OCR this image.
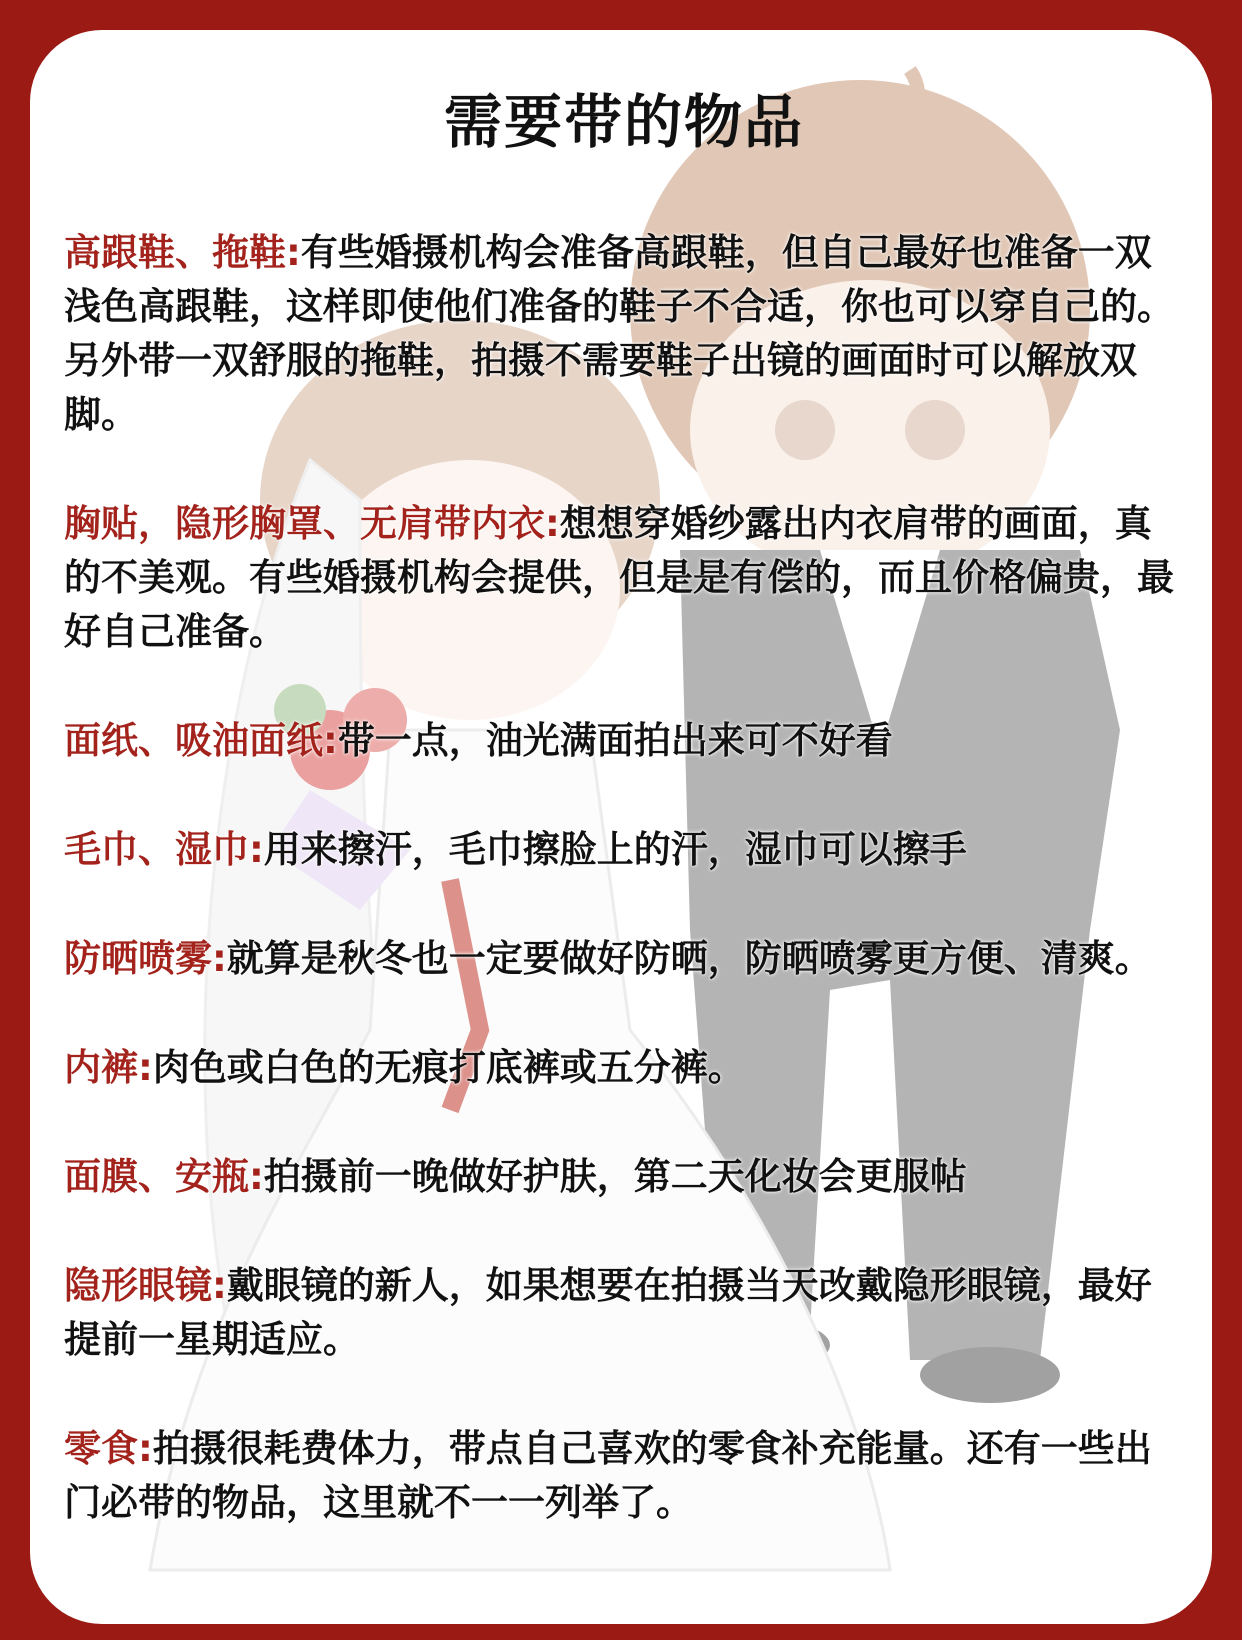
需要带的物品
高跟鞋、拖鞋:有些婚摄机构会准备高跟鞋，但自己最好也准备一双浅色高跟鞋，这样即使他们准备的鞋子不合适，你也可以穿自己的。另外带一双舒服的拖鞋，拍摄不需要鞋子出镜的画面时可以解放双脚。
胸贴，隐形胸罩、无肩带内衣:想想穿婚纱露出内衣肩带的画面，真的不美观。有些婚摄机构会提供，但是是有偿的，而且价格偏贵，最好自己准备。
面纸、吸油面纸:带一点，油光满面拍出来可不好看
毛巾、湿巾:用来擦汗，毛巾擦脸上的汗，湿巾可以擦手
防晒喷雾:就算是秋冬也一定要做好防晒，防晒喷雾更方便、清爽。
内裤:肉色或白色的无痕打底裤或五分裤。
面膜、安瓶:拍摄前一晚做好护肤，第二天化妆会更服帖
隐形眼镜:戴眼镜的新人，如果想要在拍摄当天改戴隐形眼镜，最好提前一星期适应。
零食:拍摄很耗费体力，带点自己喜欢的零食补充能量。还有一些出门必带的物品，这里就不一一列举了。
